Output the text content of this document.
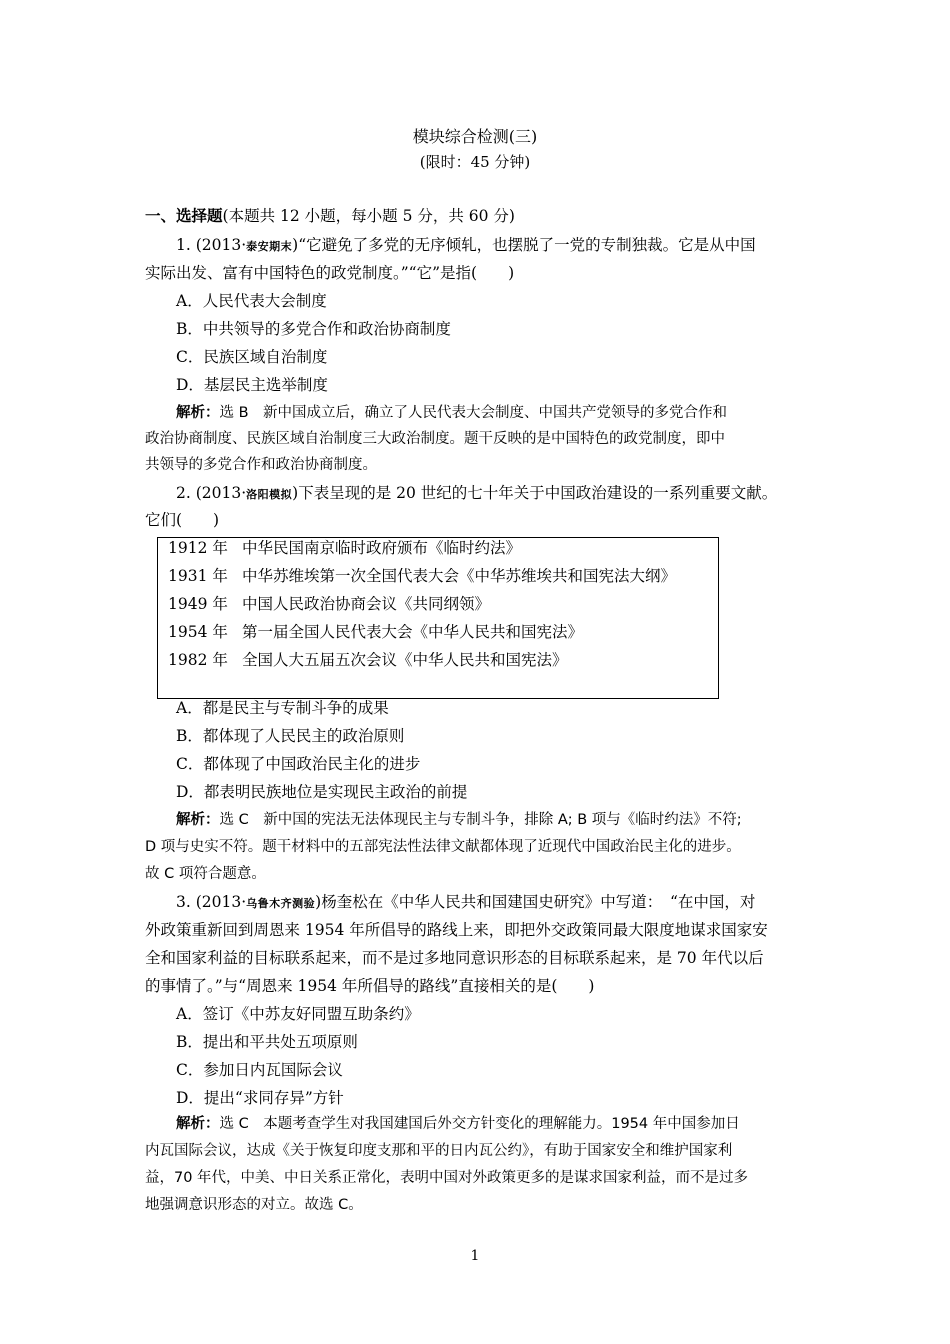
模块综合检测(三)
(限时：45 分钟)
一、选择题(本题共 12 小题，每小题 5 分，共 60 分)
1. (2013·泰安期末)“它避免了多党的无序倾轧，也摆脱了一党的专制独裁。它是从中国
实际出发、富有中国特色的政党制度。”“它”是指(　　)
A．人民代表大会制度
B．中共领导的多党合作和政治协商制度
C．民族区域自治制度
D．基层民主选举制度
解析：选 B　新中国成立后，确立了人民代表大会制度、中国共产党领导的多党合作和
政治协商制度、民族区域自治制度三大政治制度。题干反映的是中国特色的政党制度，即中
共领导的多党合作和政治协商制度。
2. (2013·洛阳模拟)下表呈现的是 20 世纪的七十年关于中国政治建设的一系列重要文献。
它们(　　)
1912 年 中华民国南京临时政府颁布《临时约法》
1931 年 中华苏维埃第一次全国代表大会《中华苏维埃共和国宪法大纲》
1949 年 中国人民政治协商会议《共同纲领》
1954 年 第一届全国人民代表大会《中华人民共和国宪法》
1982 年 全国人大五届五次会议《中华人民共和国宪法》
A．都是民主与专制斗争的成果
B．都体现了人民民主的政治原则
C．都体现了中国政治民主化的进步
D．都表明民族地位是实现民主政治的前提
解析：选 C　新中国的宪法无法体现民主与专制斗争，排除 A; B 项与《临时约法》不符;
D 项与史实不符。题干材料中的五部宪法性法律文献都体现了近现代中国政治民主化的进步。
故 C 项符合题意。
3. (2013·乌鲁木齐测验)杨奎松在《中华人民共和国建国史研究》中写道：　“在中国，对
外政策重新回到周恩来 1954 年所倡导的路线上来，即把外交政策同最大限度地谋求国家安
全和国家利益的目标联系起来，而不是过多地同意识形态的目标联系起来，是 70 年代以后
的事情了。”与“周恩来 1954 年所倡导的路线”直接相关的是(　　)
A．签订《中苏友好同盟互助条约》
B．提出和平共处五项原则
C．参加日内瓦国际会议
D．提出“求同存异”方针
解析：选 C　本题考查学生对我国建国后外交方针变化的理解能力。1954 年中国参加日
内瓦国际会议，达成《关于恢复印度支那和平的日内瓦公约》，有助于国家安全和维护国家利
益，70 年代，中美、中日关系正常化，表明中国对外政策更多的是谋求国家利益，而不是过多
地强调意识形态的对立。故选 C。
1
